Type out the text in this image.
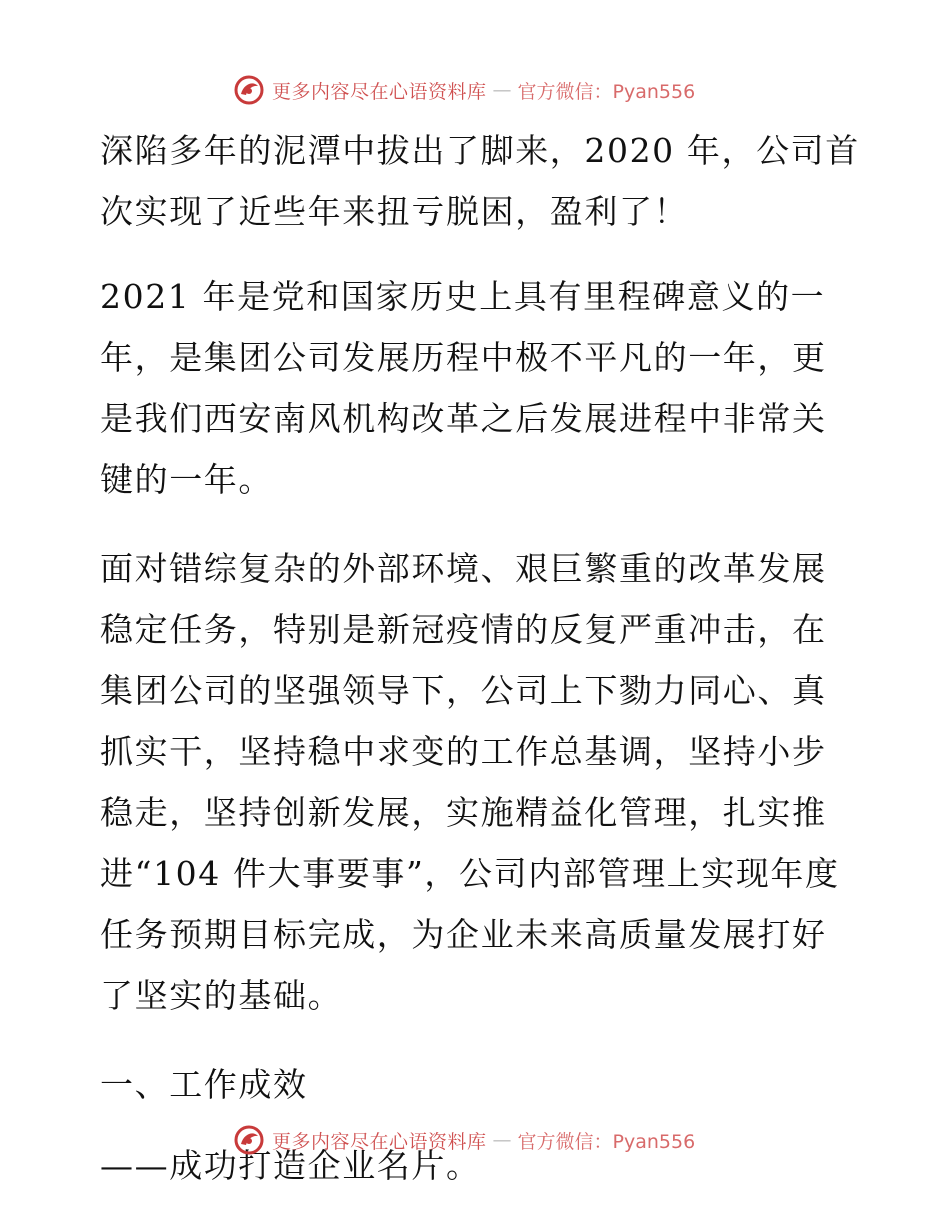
更多内容尽在心语资料库 — 官方微信：Pyan556

深陷多年的泥潭中拔出了脚来，2020 年，公司首次实现了近些年来扭亏脱困，盈利了！

2021 年是党和国家历史上具有里程碑意义的一年，是集团公司发展历程中极不平凡的一年，更是我们西安南风机构改革之后发展进程中非常关键的一年。

面对错综复杂的外部环境、艰巨繁重的改革发展稳定任务，特别是新冠疫情的反复严重冲击，在集团公司的坚强领导下，公司上下勠力同心、真抓实干，坚持稳中求变的工作总基调，坚持小步稳走，坚持创新发展，实施精益化管理，扎实推进“104 件大事要事”，公司内部管理上实现年度任务预期目标完成，为企业未来高质量发展打好了坚实的基础。

一、工作成效

——成功打造企业名片。

更多内容尽在心语资料库 — 官方微信：Pyan556
